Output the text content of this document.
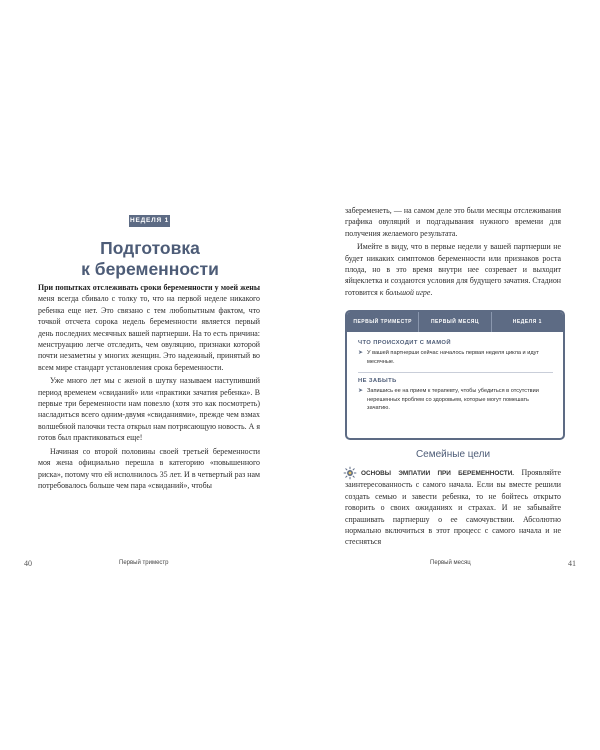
НЕДЕЛЯ 1
Подготовка
к беременности

При попытках отслеживать сроки беременности у моей жены меня всегда сбивало с толку то, что на первой неделе никакого ребенка еще нет. Это связано с тем любопытным фактом, что точкой отсчета сорока недель беременности является первый день последних месячных вашей партнерши. На то есть причина: менструацию легче отследить, чем овуляцию, признаки которой почти незаметны у многих женщин. Это надежный, принятый во всем мире стандарт установления срока беременности.

Уже много лет мы с женой в шутку называем наступивший период временем «свиданий» или «практики зачатия ребенка». В первые три беременности нам повезло (хотя это как посмотреть) насладиться всего одним-двумя «свиданиями», прежде чем взмах волшебной палочки теста открыл нам потрясающую новость. А я готов был практиковаться еще!

Начиная со второй половины своей третьей беременности моя жена официально перешла в категорию «повышенного риска», потому что ей исполнилось 35 лет. И в четвертый раз нам потребовалось больше чем пара «свиданий», чтобы

40	Первый триместр

забеременеть, — на самом деле это были месяцы отслеживания графика овуляций и подгадывания нужного времени для получения желаемого результата.

Имейте в виду, что в первые недели у вашей партнерши не будет никаких симптомов беременности или признаков роста плода, но в это время внутри нее созревает и выходит яйцеклетка и создаются условия для будущего зачатия. Стадион готовится к большой игре.

41
Первый месяц
ПЕРВЫЙ ТРИМЕСТР	ПЕРВЫЙ МЕСЯЦ	НЕДЕЛЯ 1
ЧТО ПРОИСХОДИТ С МАМОЙ
➤ У вашей партнерши сейчас началось первая неделя цикла и идут месячные.
НЕ ЗАБЫТЬ
➤ Запишись ее на прием к терапевту, чтобы убедиться в отсутствии нерешенных проблем со здоровьем, которые могут помешать зачатию.
Семейные цели

ОСНОВЫ ЭМПАТИИ ПРИ БЕРЕМЕННОСТИ. Проявляйте заинтересованность с самого начала. Если вы вместе решили создать семью и завести ребенка, то не бойтесь открыто говорить о своих ожиданиях и страхах. И не забывайте спрашивать партнершу о ее самочувствии. Абсолютно нормально включиться в этот процесс с самого начала и не стесняться
